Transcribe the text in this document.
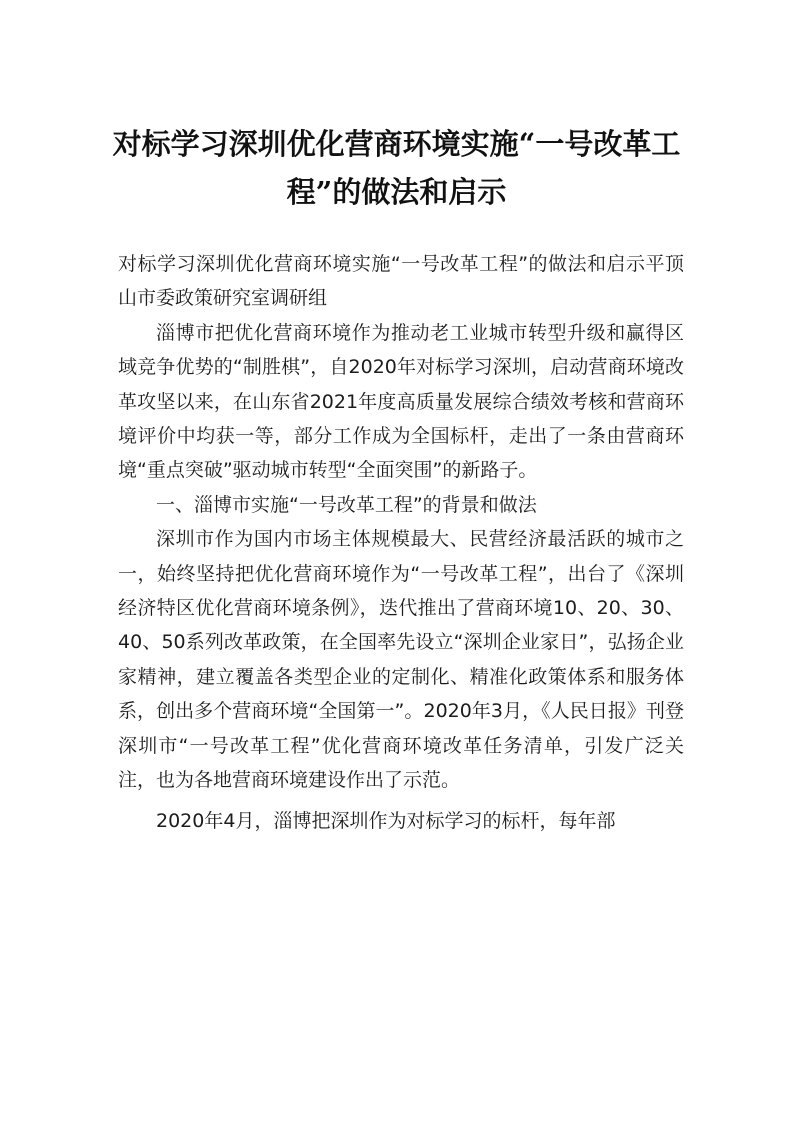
对标学习深圳优化营商环境实施“一号改革工程”的做法和启示

对标学习深圳优化营商环境实施“一号改革工程”的做法和启示平顶山市委政策研究室调研组

淄博市把优化营商环境作为推动老工业城市转型升级和赢得区域竞争优势的“制胜棋”，自2020年对标学习深圳，启动营商环境改革攻坚以来，在山东省2021年度高质量发展综合绩效考核和营商环境评价中均获一等，部分工作成为全国标杆，走出了一条由营商环境“重点突破”驱动城市转型“全面突围”的新路子。

一、淄博市实施“一号改革工程”的背景和做法

深圳市作为国内市场主体规模最大、民营经济最活跃的城市之一，始终坚持把优化营商环境作为“一号改革工程”，出台了《深圳经济特区优化营商环境条例》，迭代推出了营商环境10、20、30、40、50系列改革政策，在全国率先设立“深圳企业家日”，弘扬企业家精神，建立覆盖各类型企业的定制化、精准化政策体系和服务体系，创出多个营商环境“全国第一”。2020年3月，《人民日报》刊登深圳市“一号改革工程”优化营商环境改革任务清单，引发广泛关注，也为各地营商环境建设作出了示范。

2020年4月，淄博把深圳作为对标学习的标杆，每年部
